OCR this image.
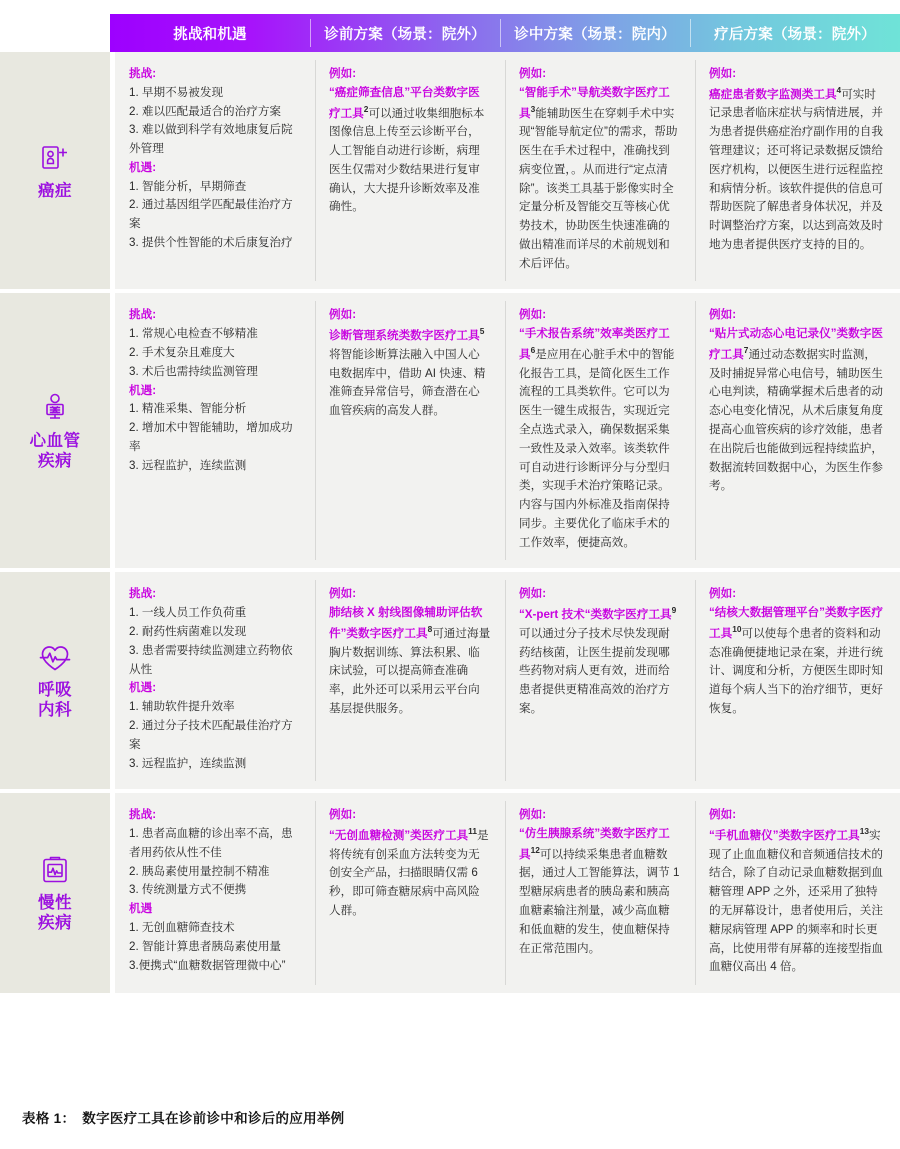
挑战和机遇	诊前方案（场景：院外） 诊中方案（场景：院内）	疗后方案（场景：院外）
癌症
挑战:
1. 早期不易被发现
2. 难以匹配最适合的治疗方案
3. 难以做到科学有效地康复后院外管理

机遇:
1. 智能分析，早期筛查
2. 通过基因组学匹配最佳治疗方案
3. 提供个性智能的术后康复治疗
例如:
“癌症筛查信息”平台类数字医疗工具$^2$可以通过收集细胞标本图像信息上传至云诊断平台，人工智能自动进行诊断，病理医生仅需对少数结果进行复审确认，大大提升诊断效率及准确性。
例如:
“智能手术”导航类数字医疗工具$^3$能辅助医生在穿刺手术中实现“智能导航定位”的需求，帮助医生在手术过程中，准确找到病变位置，。从而进行“定点清除”。该类工具基于影像实时全定量分析及智能交互等核心优势技术，协助医生快速准确的做出精准而详尽的术前规划和术后评估。
例如:
癌症患者数字监测类工具$^4$可实时记录患者临床症状与病情进展，并为患者提供癌症治疗副作用的自我管理建议；还可将记录数据反馈给医疗机构，以便医生进行远程监控和病情分析。该软件提供的信息可帮助医院了解患者身体状况，并及时调整治疗方案，以达到高效及时地为患者提供医疗支持的目的。
心血管
疾病
挑战:
1. 常规心电检查不够精准
2. 手术复杂且难度大
3. 术后也需持续监测管理

机遇:
1. 精准采集、智能分析
2. 增加术中智能辅助，增加成功率
3. 远程监护，连续监测
例如:
诊断管理系统类数字医疗工具$^5$将智能诊断算法融入中国人心电数据库中，借助 AI 快速、精准筛查异常信号，筛查潜在心血管疾病的高发人群。
例如:
“手术报告系统”效率类医疗工具$^6$是应用在心脏手术中的智能化报告工具，是简化医生工作流程的工具类软件。它可以为医生一键生成报告，实现近完全点选式录入，确保数据采集一致性及录入效率。该类软件可自动进行诊断评分与分型归类，实现手术治疗策略记录。内容与国内外标准及指南保持同步。主要优化了临床手术的工作效率，便捷高效。
例如:
“贴片式动态心电记录仪”类数字医疗工具$^7$通过动态数据实时监测，及时捕捉异常心电信号，辅助医生心电判读，精确掌握术后患者的动态心电变化情况，从术后康复角度提高心血管疾病的诊疗效能，患者在出院后也能做到远程持续监护，数据流转回数据中心，为医生作参考。
呼吸
内科
挑战:
1. 一线人员工作负荷重
2. 耐药性病菌难以发现
3. 患者需要持续监测建立药物依从性

机遇:
1. 辅助软件提升效率
2. 通过分子技术匹配最佳治疗方案
3. 远程监护，连续监测
例如:
肺结核 X 射线图像辅助评估软件”类数字医疗工具$^8$可通过海量胸片数据训练、算法积累、临床试验，可以提高筛查准确率，此外还可以采用云平台向基层提供服务。
例如:
“X-pert 技术“类数字医疗工具$^9$可以通过分子技术尽快发现耐药结核菌，让医生提前发现哪些药物对病人更有效，进而给患者提供更精准高效的治疗方案。
例如:
“结核大数据管理平台”类数字医疗工具$^{10}$可以使每个患者的资料和动态准确便捷地记录在案，并进行统计、调度和分析，方便医生即时知道每个病人当下的治疗细节，更好恢复。
慢性
疾病
挑战:
1. 患者高血糖的诊出率不高，患者用药依从性不佳
2. 胰岛素使用量控制不精准
3. 传统测量方式不便携

机遇
1. 无创血糖筛查技术
2. 智能计算患者胰岛素使用量
3.便携式“血糖数据管理微中心”
例如:
“无创血糖检测”类医疗工具$^{11}$是将传统有创采血方法转变为无创安全产品，扫描眼睛仅需 6 秒，即可筛查糖尿病中高风险人群。
例如:
“仿生胰腺系统”类数字医疗工具$^{12}$可以持续采集患者血糖数据，通过人工智能算法，调节 1 型糖尿病患者的胰岛素和胰高血糖素输注剂量，减少高血糖和低血糖的发生，使血糖保持在正常范围内。
例如:
“手机血糖仪”类数字医疗工具$^{13}$实现了止血血糖仪和音频通信技术的结合，除了自动记录血糖数据到血糖管理 APP 之外，还采用了独特的无屏幕设计，患者使用后，关注糖尿病管理 APP 的频率和时长更高，比使用带有屏幕的连接型指血血糖仪高出 4 倍。
表格 1： 数字医疗工具在诊前诊中和诊后的应用举例
